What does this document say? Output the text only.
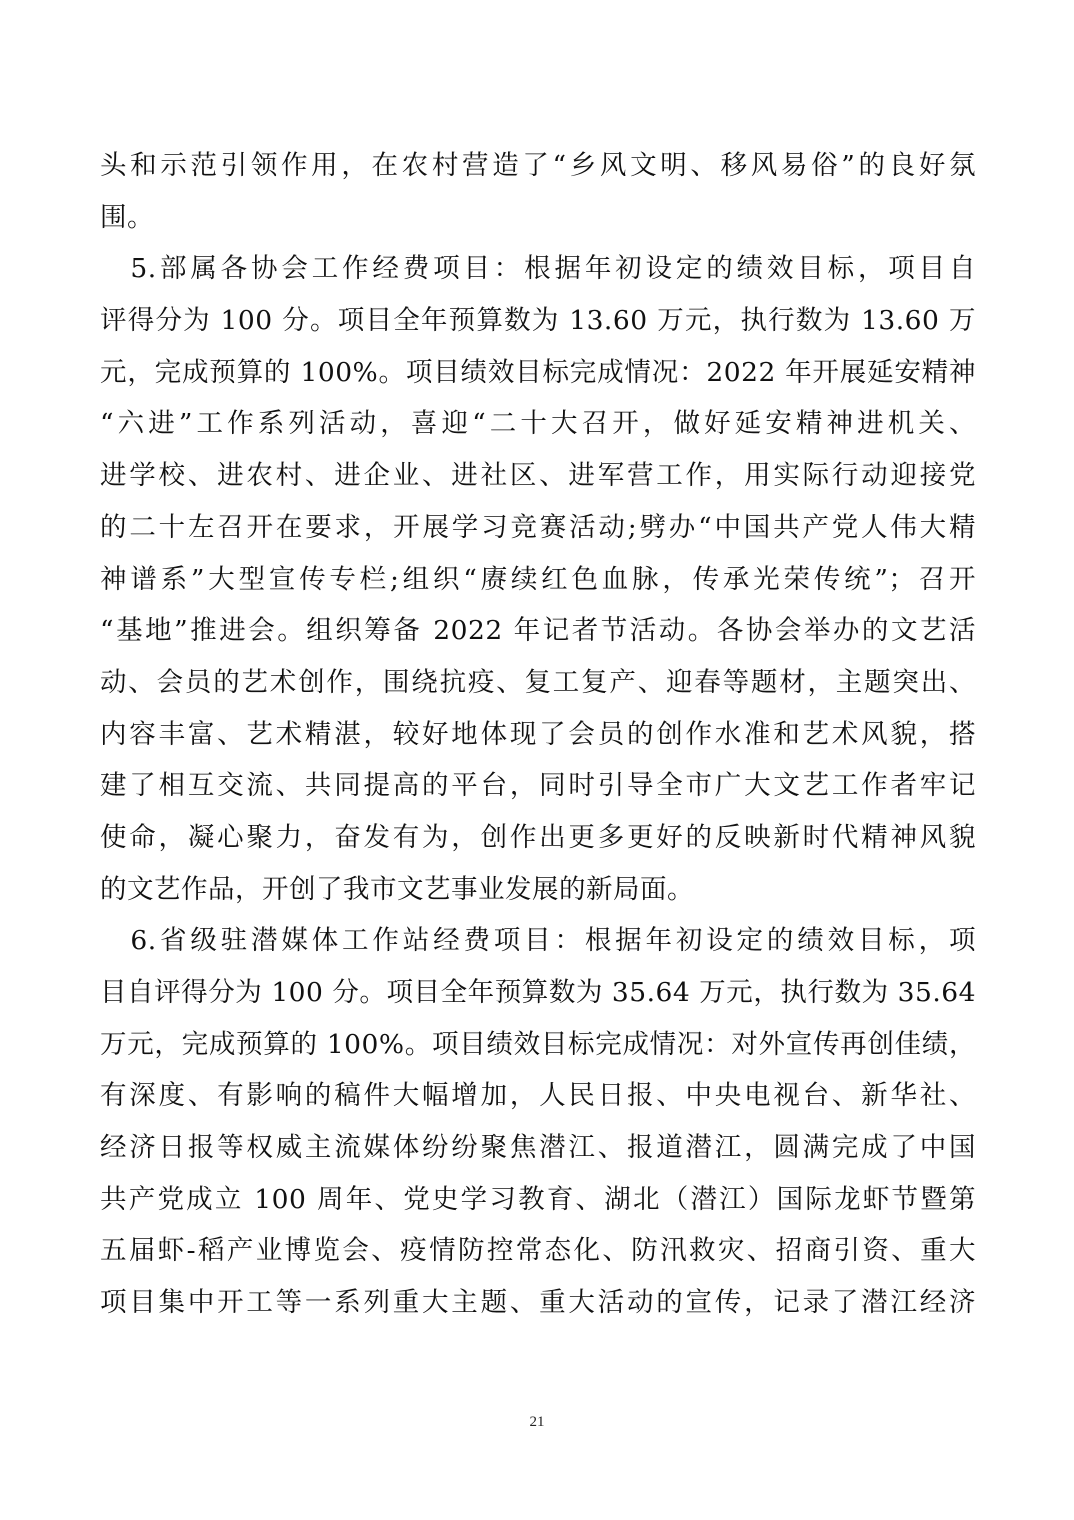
头和示范引领作用，在农村营造了“乡风文明、移风易俗”的良好氛
围。
　5.部属各协会工作经费项目：根据年初设定的绩效目标，项目自
评得分为 100 分。项目全年预算数为 13.60 万元，执行数为 13.60 万
元，完成预算的 100%。项目绩效目标完成情况：2022 年开展延安精神
“六进”工作系列活动，喜迎“二十大召开，做好延安精神进机关、
进学校、进农村、进企业、进社区、进军营工作，用实际行动迎接党
的二十左召开在要求，开展学习竞赛活动;劈办“中国共产党人伟大精
神谱系”大型宣传专栏;组织“赓续红色血脉，传承光荣传统”；召开
“基地”推进会。组织筹备 2022 年记者节活动。各协会举办的文艺活
动、会员的艺术创作，围绕抗疫、复工复产、迎春等题材，主题突出、
内容丰富、艺术精湛，较好地体现了会员的创作水准和艺术风貌，搭
建了相互交流、共同提高的平台，同时引导全市广大文艺工作者牢记
使命，凝心聚力，奋发有为，创作出更多更好的反映新时代精神风貌
的文艺作品，开创了我市文艺事业发展的新局面。
　6.省级驻潜媒体工作站经费项目：根据年初设定的绩效目标，项
目自评得分为 100 分。项目全年预算数为 35.64 万元，执行数为 35.64
万元，完成预算的 100%。项目绩效目标完成情况：对外宣传再创佳绩，
有深度、有影响的稿件大幅增加，人民日报、中央电视台、新华社、
经济日报等权威主流媒体纷纷聚焦潜江、报道潜江，圆满完成了中国
共产党成立 100 周年、党史学习教育、湖北（潜江）国际龙虾节暨第
五届虾-稻产业博览会、疫情防控常态化、防汛救灾、招商引资、重大
项目集中开工等一系列重大主题、重大活动的宣传，记录了潜江经济
21
